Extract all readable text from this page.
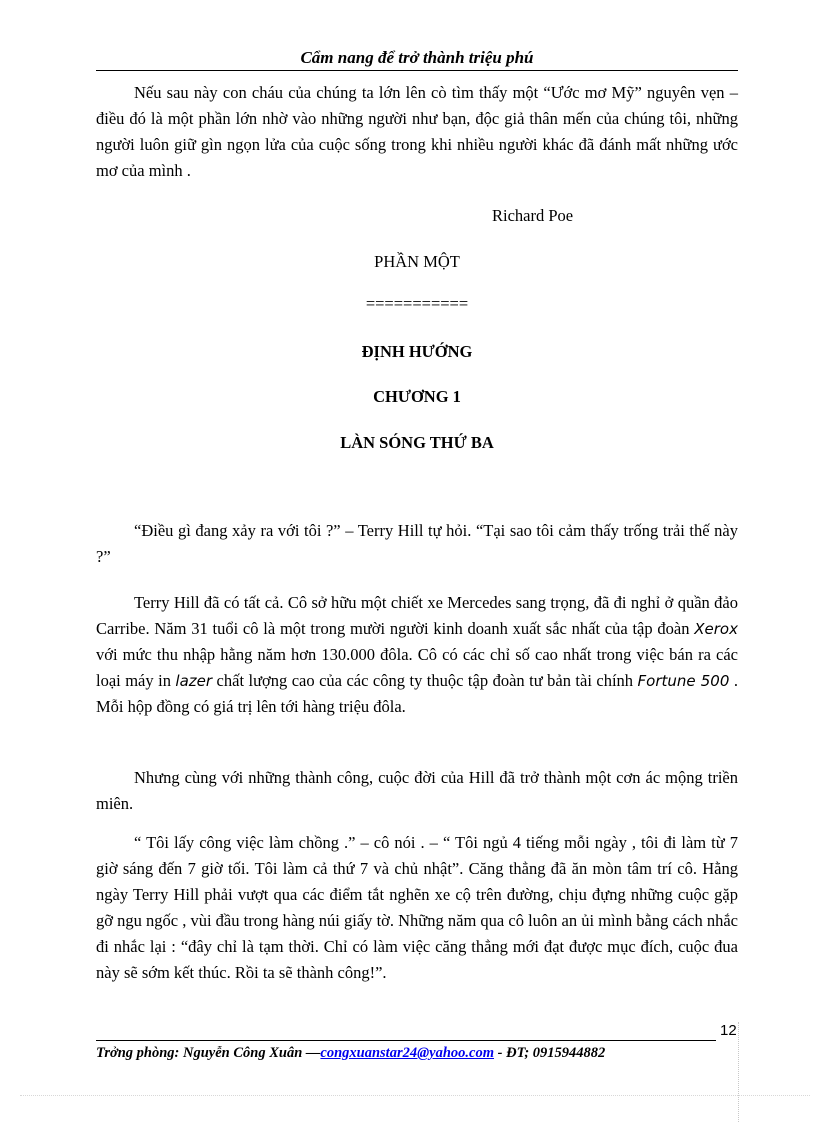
Cẩm nang để trở thành triệu phú

Nếu sau này con cháu của chúng ta lớn lên cò tìm thấy một “Ước mơ Mỹ” nguyên vẹn – điều đó là một phần lớn nhờ vào những người như bạn, độc giả thân mến của chúng tôi, những người luôn giữ gìn ngọn lửa của cuộc sống trong khi nhiều người khác đã đánh mất những ước mơ của mình .

Richard Poe
PHẦN MỘT
===========
ĐỊNH HƯỚNG
CHƯƠNG 1
LÀN SÓNG THỨ BA

“Điều gì đang xảy ra với tôi ?” – Terry Hill tự hỏi. “Tại sao tôi cảm thấy trống trải thế này ?”

Terry Hill đã có tất cả. Cô sở hữu một chiết xe Mercedes sang trọng, đã đi nghỉ ở quần đảo Carribe. Năm 31 tuổi cô là một trong mười người kinh doanh xuất sắc nhất của tập đoàn Xerox với mức thu nhập hằng năm hơn 130.000 đôla. Cô có các chỉ số cao nhất trong việc bán ra các loại máy in lazer chất lượng cao của các công ty thuộc tập đoàn tư bản tài chính Fortune 500 . Mỗi hộp đồng có giá trị lên tới hàng triệu đôla.

Nhưng cùng với những thành công, cuộc đời của Hill đã trở thành một cơn ác mộng triền miên.

“ Tôi lấy công việc làm chồng .” – cô nói . – “ Tôi ngủ 4 tiếng mỗi ngày , tôi đi làm từ 7 giờ sáng đến 7 giờ tối. Tôi làm cả thứ 7 và chủ nhật”. Căng thẳng đã ăn mòn tâm trí cô. Hằng ngày Terry Hill phải vượt qua các điểm tắt nghẽn xe cộ trên đường, chịu đựng những cuộc gặp gỡ ngu ngốc , vùi đầu trong hàng núi giấy tờ. Những năm qua cô luôn an ủi mình bằng cách nhắc đi nhắc lại : “đây chỉ là tạm thời. Chỉ có làm việc căng thẳng mới đạt được mục đích, cuộc đua này sẽ sớm kết thúc. Rồi ta sẽ thành công!”.

12
Trởng phòng: Nguyễn Công Xuân —congxuanstar24@yahoo.com - ĐT; 0915944882
